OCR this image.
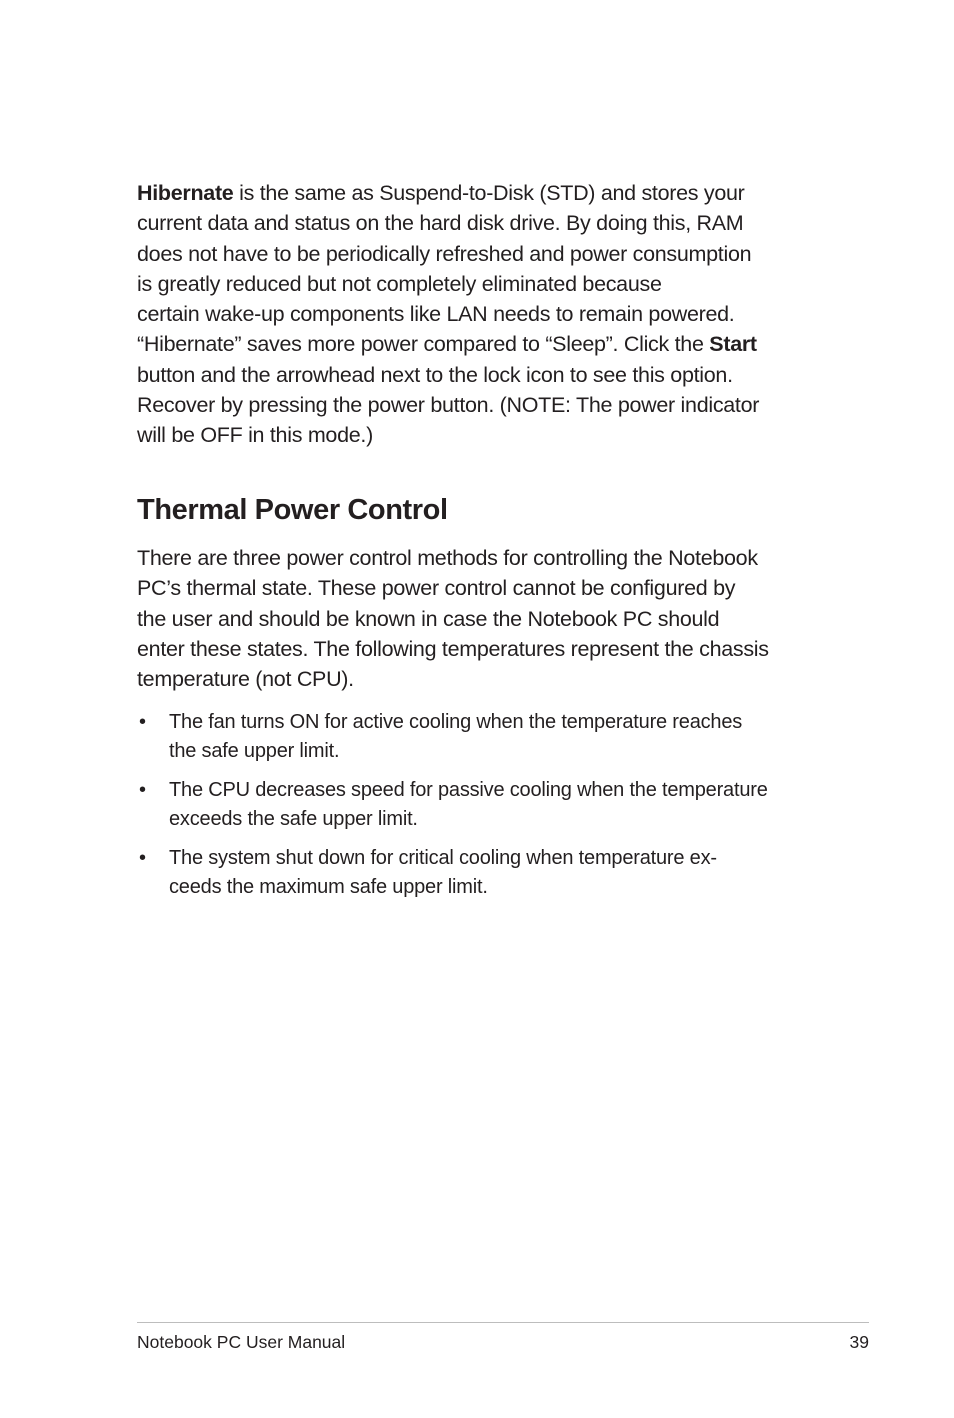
Hibernate is the same as Suspend-to-Disk (STD) and stores your
current data and status on the hard disk drive. By doing this, RAM
does not have to be periodically refreshed and power consumption
is greatly reduced but not completely eliminated because
certain wake-up components like LAN needs to remain powered.
“Hibernate” saves more power compared to “Sleep”. Click the Start
button and the arrowhead next to the lock icon to see this option.
Recover by pressing the power button. (NOTE: The power indicator
will be OFF in this mode.)

Thermal Power Control

There are three power control methods for controlling the Notebook
PC’s thermal state. These power control cannot be configured by
the user and should be known in case the Notebook PC should
enter these states. The following temperatures represent the chassis
temperature (not CPU).

• The fan turns ON for active cooling when the temperature reaches
the safe upper limit.
• The CPU decreases speed for passive cooling when the temperature
exceeds the safe upper limit.
• The system shut down for critical cooling when temperature ex-
ceeds the maximum safe upper limit.
Notebook PC User Manual	39
